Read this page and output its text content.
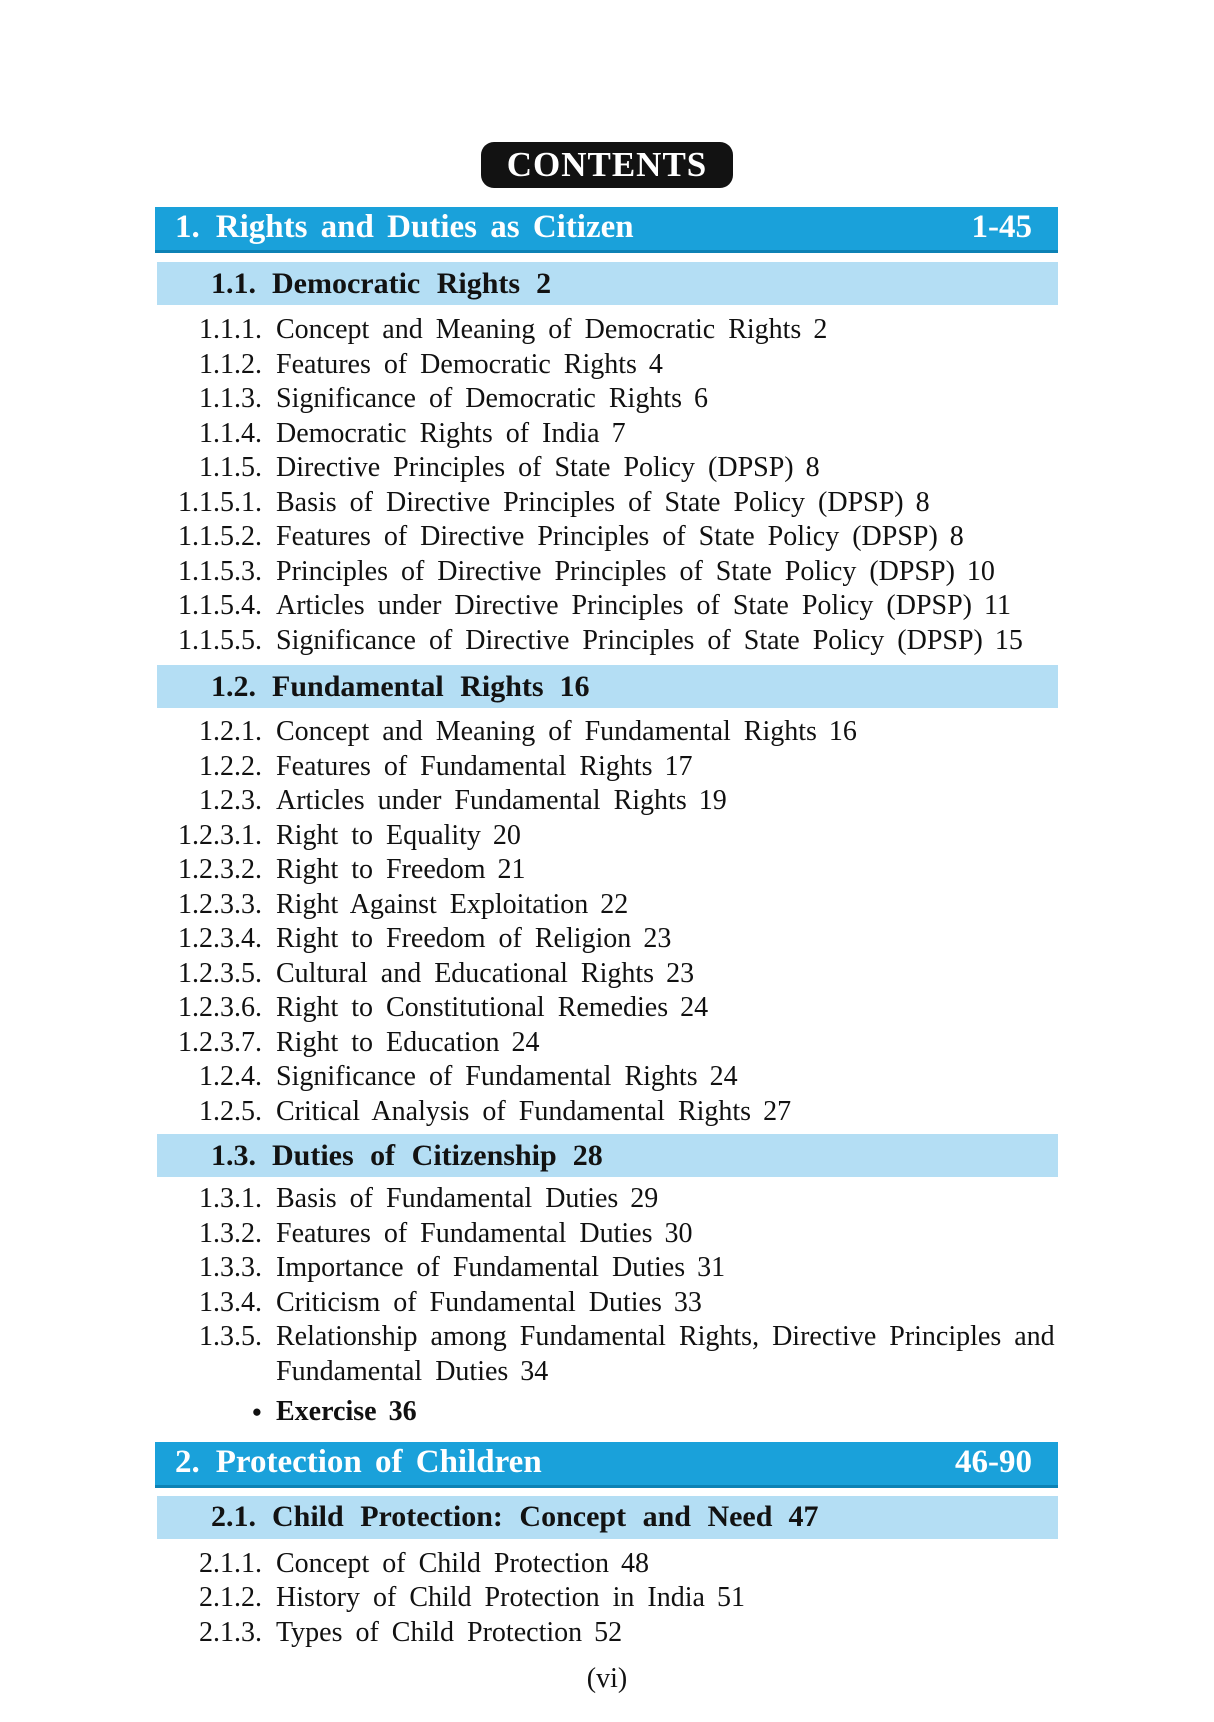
CONTENTS
1. Rights and Duties as Citizen	1-45
1.1. Democratic Rights 2
1.1.1. Concept and Meaning of Democratic Rights 2
1.1.2. Features of Democratic Rights 4
1.1.3. Significance of Democratic Rights 6
1.1.4. Democratic Rights of India 7
1.1.5. Directive Principles of State Policy (DPSP) 8
1.1.5.1. Basis of Directive Principles of State Policy (DPSP) 8
1.1.5.2. Features of Directive Principles of State Policy (DPSP) 8
1.1.5.3. Principles of Directive Principles of State Policy (DPSP) 10
1.1.5.4. Articles under Directive Principles of State Policy (DPSP) 11
1.1.5.5. Significance of Directive Principles of State Policy (DPSP) 15
1.2. Fundamental Rights 16
1.2.1. Concept and Meaning of Fundamental Rights 16
1.2.2. Features of Fundamental Rights 17
1.2.3. Articles under Fundamental Rights 19
1.2.3.1. Right to Equality 20
1.2.3.2. Right to Freedom 21
1.2.3.3. Right Against Exploitation 22
1.2.3.4. Right to Freedom of Religion 23
1.2.3.5. Cultural and Educational Rights 23
1.2.3.6. Right to Constitutional Remedies 24
1.2.3.7. Right to Education 24
1.2.4. Significance of Fundamental Rights 24
1.2.5. Critical Analysis of Fundamental Rights 27
1.3. Duties of Citizenship 28
1.3.1. Basis of Fundamental Duties 29
1.3.2. Features of Fundamental Duties 30
1.3.3. Importance of Fundamental Duties 31
1.3.4. Criticism of Fundamental Duties 33
1.3.5. Relationship among Fundamental Rights, Directive Principles and Fundamental Duties 34
● Exercise 36
2. Protection of Children	46-90
2.1. Child Protection: Concept and Need 47
2.1.1. Concept of Child Protection 48
2.1.2. History of Child Protection in India 51
2.1.3. Types of Child Protection 52
(vi)
